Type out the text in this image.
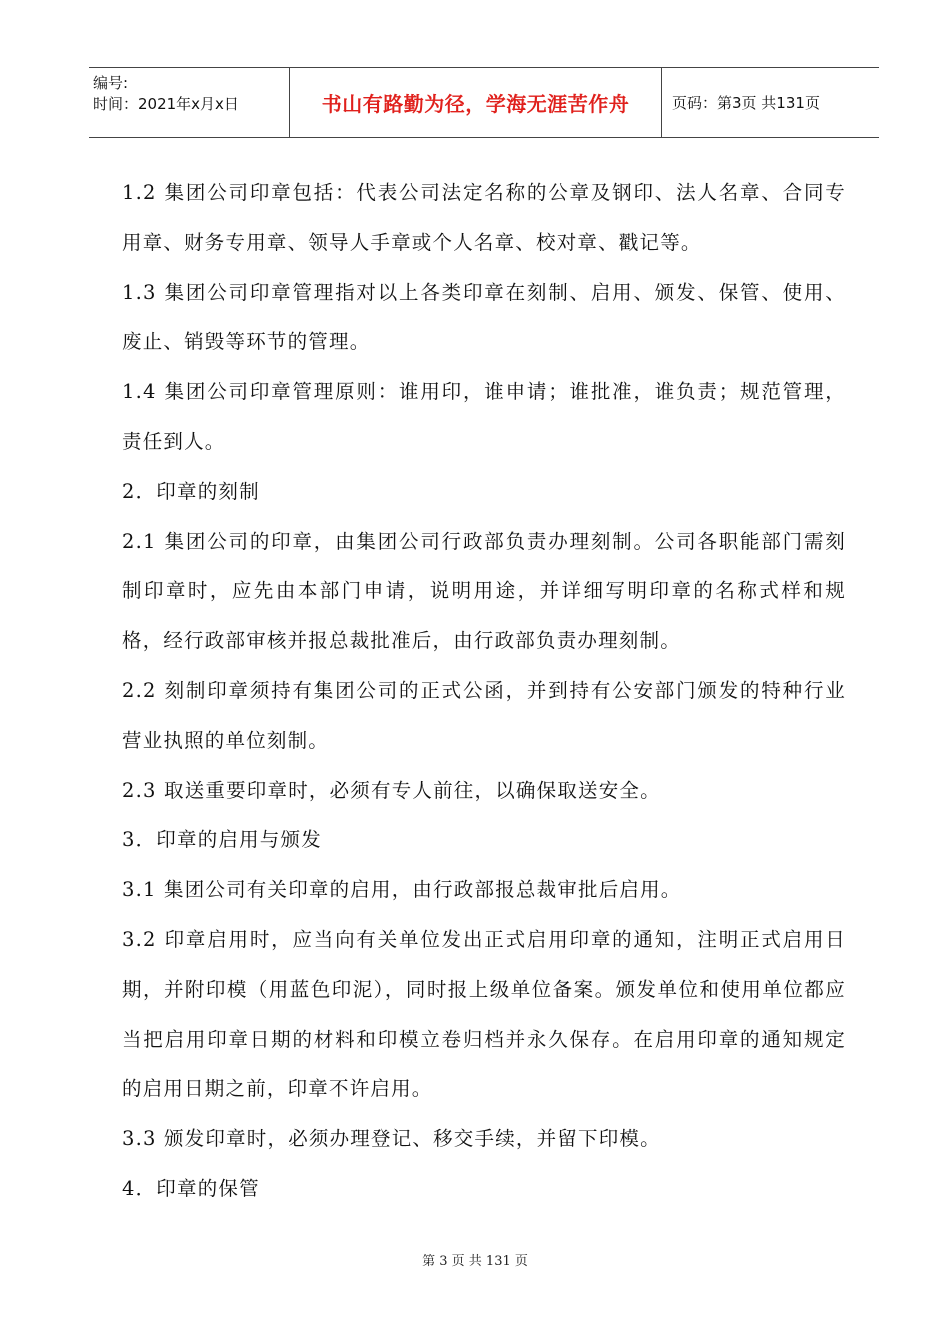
编号:
时间：2021年x月x日	书山有路勤为径，学海无涯苦作舟	页码：第3页 共131页

1.2 集团公司印章包括：代表公司法定名称的公章及钢印、法人名章、合同专用章、财务专用章、领导人手章或个人名章、校对章、戳记等。

1.3 集团公司印章管理指对以上各类印章在刻制、启用、颁发、保管、使用、废止、销毁等环节的管理。

1.4 集团公司印章管理原则：谁用印，谁申请；谁批准，谁负责；规范管理，责任到人。

2．印章的刻制

2.1 集团公司的印章，由集团公司行政部负责办理刻制。公司各职能部门需刻制印章时，应先由本部门申请，说明用途，并详细写明印章的名称式样和规格，经行政部审核并报总裁批准后，由行政部负责办理刻制。

2.2 刻制印章须持有集团公司的正式公函，并到持有公安部门颁发的特种行业营业执照的单位刻制。

2.3 取送重要印章时，必须有专人前往，以确保取送安全。

3．印章的启用与颁发

3.1 集团公司有关印章的启用，由行政部报总裁审批后启用。

3.2 印章启用时，应当向有关单位发出正式启用印章的通知，注明正式启用日期，并附印模（用蓝色印泥），同时报上级单位备案。颁发单位和使用单位都应当把启用印章日期的材料和印模立卷归档并永久保存。在启用印章的通知规定的启用日期之前，印章不许启用。

3.3 颁发印章时，必须办理登记、移交手续，并留下印模。

4．印章的保管

第 3 页 共 131 页
